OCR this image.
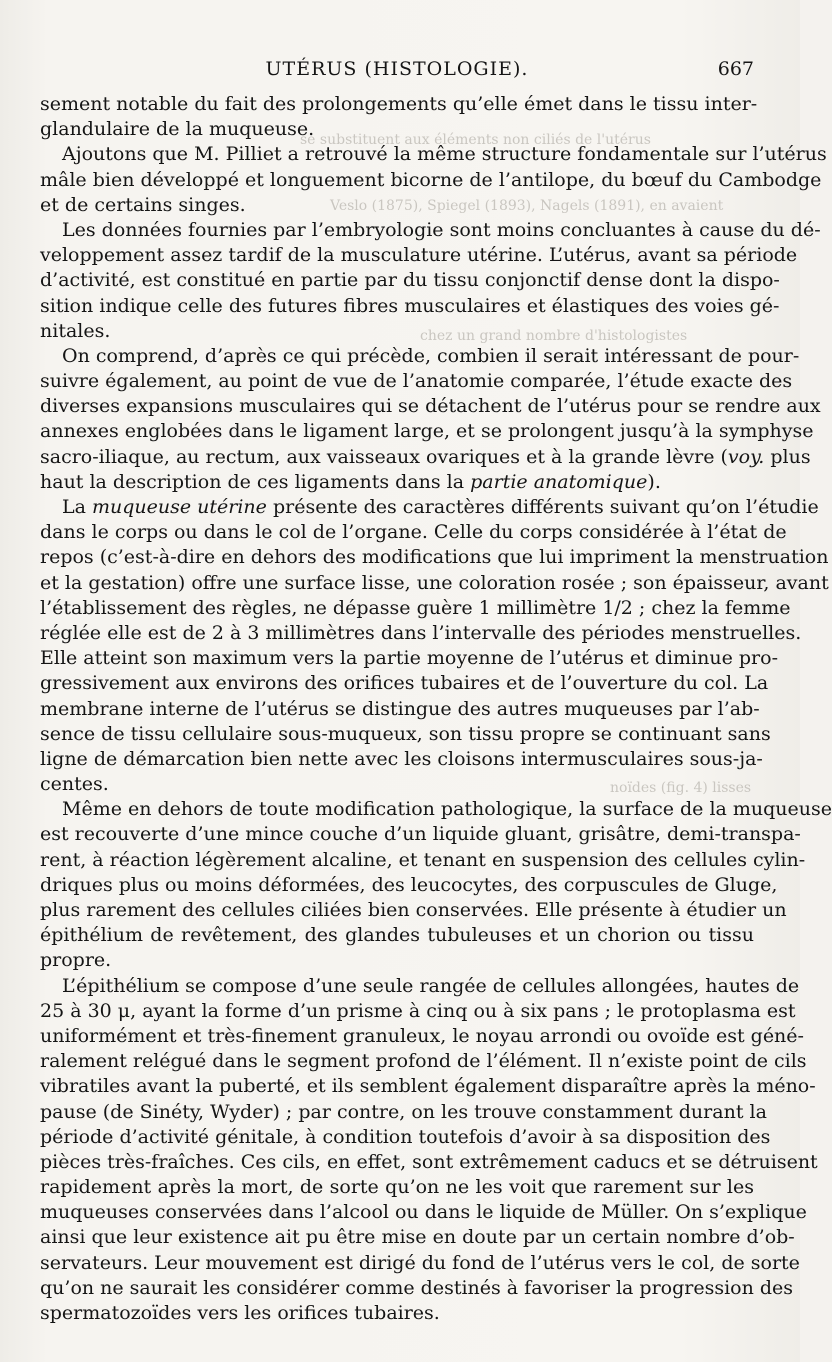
se substituent aux éléments non ciliés de l'utérus
Veslo (1875), Spiegel (1893), Nagels (1891), en avaient
chez un grand nombre d'histologistes
noïdes (fig. 4) lisses
UTÉRUS (HISTOLOGIE).	667
sement notable du fait des prolongements qu’elle émet dans le tissu inter-
glandulaire de la muqueuse.
Ajoutons que M. Pilliet a retrouvé la même structure fondamentale sur l’utérus
mâle bien développé et longuement bicorne de l’antilope, du bœuf du Cambodge
et de certains singes.
Les données fournies par l’embryologie sont moins concluantes à cause du dé-
veloppement assez tardif de la musculature utérine. L’utérus, avant sa période
d’activité, est constitué en partie par du tissu conjonctif dense dont la dispo-
sition indique celle des futures fibres musculaires et élastiques des voies gé-
nitales.
On comprend, d’après ce qui précède, combien il serait intéressant de pour-
suivre également, au point de vue de l’anatomie comparée, l’étude exacte des
diverses expansions musculaires qui se détachent de l’utérus pour se rendre aux
annexes englobées dans le ligament large, et se prolongent jusqu’à la symphyse
sacro-iliaque, au rectum, aux vaisseaux ovariques et à la grande lèvre (voy. plus
haut la description de ces ligaments dans la partie anatomique).
La muqueuse utérine présente des caractères différents suivant qu’on l’étudie
dans le corps ou dans le col de l’organe. Celle du corps considérée à l’état de
repos (c’est-à-dire en dehors des modifications que lui impriment la menstruation
et la gestation) offre une surface lisse, une coloration rosée ; son épaisseur, avant
l’établissement des règles, ne dépasse guère 1 millimètre 1/2 ; chez la femme
réglée elle est de 2 à 3 millimètres dans l’intervalle des périodes menstruelles.
Elle atteint son maximum vers la partie moyenne de l’utérus et diminue pro-
gressivement aux environs des orifices tubaires et de l’ouverture du col. La
membrane interne de l’utérus se distingue des autres muqueuses par l’ab-
sence de tissu cellulaire sous-muqueux, son tissu propre se continuant sans
ligne de démarcation bien nette avec les cloisons intermusculaires sous-ja-
centes.
Même en dehors de toute modification pathologique, la surface de la muqueuse
est recouverte d’une mince couche d’un liquide gluant, grisâtre, demi-transpa-
rent, à réaction légèrement alcaline, et tenant en suspension des cellules cylin-
driques plus ou moins déformées, des leucocytes, des corpuscules de Gluge,
plus rarement des cellules ciliées bien conservées. Elle présente à étudier un
épithélium de revêtement, des glandes tubuleuses et un chorion ou tissu
propre.
L’épithélium se compose d’une seule rangée de cellules allongées, hautes de
25 à 30 μ, ayant la forme d’un prisme à cinq ou à six pans ; le protoplasma est
uniformément et très-finement granuleux, le noyau arrondi ou ovoïde est géné-
ralement relégué dans le segment profond de l’élément. Il n’existe point de cils
vibratiles avant la puberté, et ils semblent également disparaître après la méno-
pause (de Sinéty, Wyder) ; par contre, on les trouve constamment durant la
période d’activité génitale, à condition toutefois d’avoir à sa disposition des
pièces très-fraîches. Ces cils, en effet, sont extrêmement caducs et se détruisent
rapidement après la mort, de sorte qu’on ne les voit que rarement sur les
muqueuses conservées dans l’alcool ou dans le liquide de Müller. On s’explique
ainsi que leur existence ait pu être mise en doute par un certain nombre d’ob-
servateurs. Leur mouvement est dirigé du fond de l’utérus vers le col, de sorte
qu’on ne saurait les considérer comme destinés à favoriser la progression des
spermatozoïdes vers les orifices tubaires.
